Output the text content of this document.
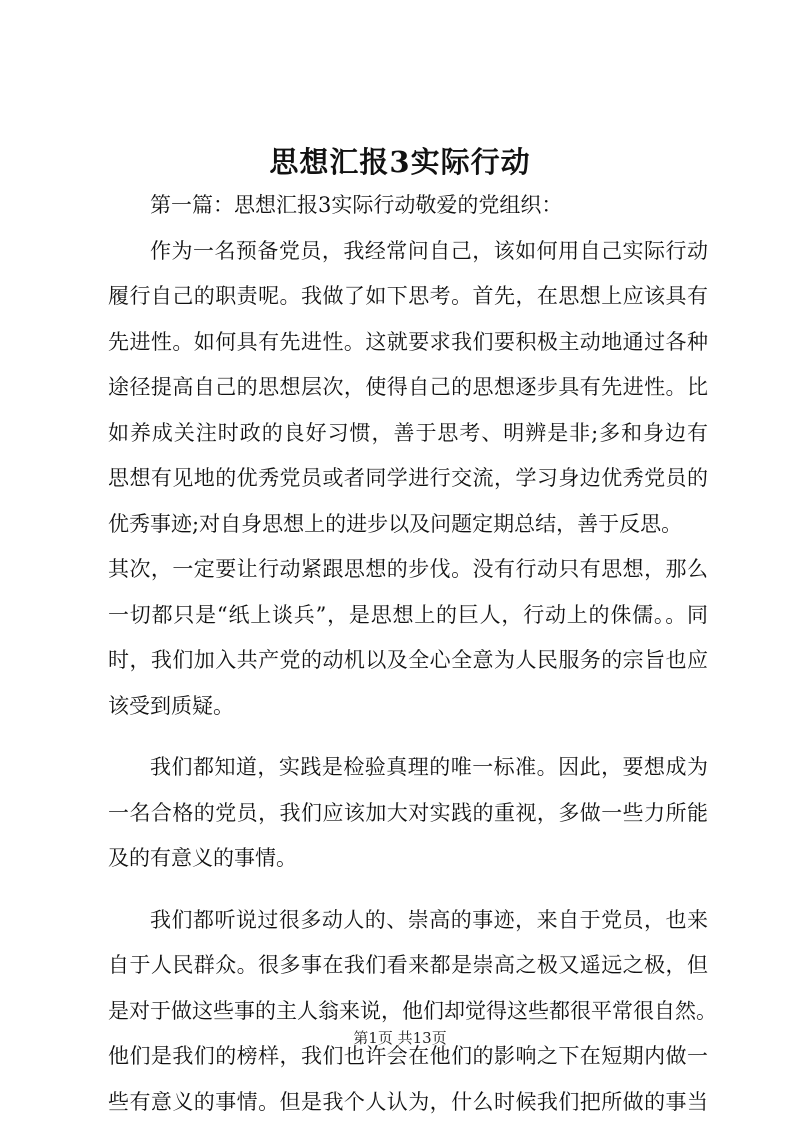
思想汇报3实际行动
第一篇：思想汇报3实际行动敬爱的党组织：
作为一名预备党员，我经常问自己，该如何用自己实际行动
履行自己的职责呢。我做了如下思考。首先，在思想上应该具有
先进性。如何具有先进性。这就要求我们要积极主动地通过各种
途径提高自己的思想层次，使得自己的思想逐步具有先进性。比
如养成关注时政的良好习惯，善于思考、明辨是非;多和身边有
思想有见地的优秀党员或者同学进行交流，学习身边优秀党员的
优秀事迹;对自身思想上的进步以及问题定期总结，善于反思。
其次，一定要让行动紧跟思想的步伐。没有行动只有思想，那么
一切都只是“纸上谈兵”，是思想上的巨人，行动上的侏儒。。同
时，我们加入共产党的动机以及全心全意为人民服务的宗旨也应
该受到质疑。
我们都知道，实践是检验真理的唯一标准。因此，要想成为
一名合格的党员，我们应该加大对实践的重视，多做一些力所能
及的有意义的事情。
我们都听说过很多动人的、崇高的事迹，来自于党员，也来
自于人民群众。很多事在我们看来都是崇高之极又遥远之极，但
是对于做这些事的主人翁来说，他们却觉得这些都很平常很自然。
他们是我们的榜样，我们也许会在他们的影响之下在短期内做一
些有意义的事情。但是我个人认为，什么时候我们把所做的事当
第1页 共13页
